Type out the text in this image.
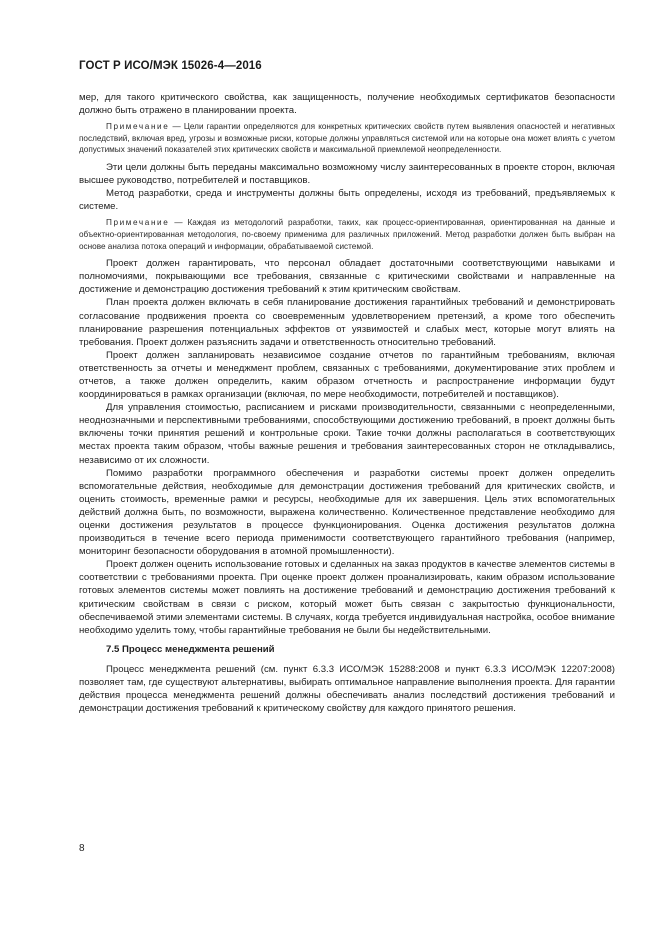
ГОСТ Р ИСО/МЭК 15026-4—2016

мер, для такого критического свойства, как защищенность, получение необходимых сертификатов безопасности должно быть отражено в планировании проекта.

Примечание — Цели гарантии определяются для конкретных критических свойств путем выявления опасностей и негативных последствий, включая вред, угрозы и возможные риски, которые должны управляться системой или на которые она может влиять с учетом допустимых значений показателей этих критических свойств и максимальной приемлемой неопределенности.

Эти цели должны быть переданы максимально возможному числу заинтересованных в проекте сторон, включая высшее руководство, потребителей и поставщиков.

Метод разработки, среда и инструменты должны быть определены, исходя из требований, предъявляемых к системе.

Примечание — Каждая из методологий разработки, таких, как процесс-ориентированная, ориентированная на данные и объектно-ориентированная методология, по-своему применима для различных приложений. Метод разработки должен быть выбран на основе анализа потока операций и информации, обрабатываемой системой.

Проект должен гарантировать, что персонал обладает достаточными соответствующими навыками и полномочиями, покрывающими все требования, связанные с критическими свойствами и направленные на достижение и демонстрацию достижения требований к этим критическим свойствам.

План проекта должен включать в себя планирование достижения гарантийных требований и демонстрировать согласование продвижения проекта со своевременным удовлетворением претензий, а кроме того обеспечить планирование разрешения потенциальных эффектов от уязвимостей и слабых мест, которые могут влиять на требования. Проект должен разъяснить задачи и ответственность относительно требований.

Проект должен запланировать независимое создание отчетов по гарантийным требованиям, включая ответственность за отчеты и менеджмент проблем, связанных с требованиями, документирование этих проблем и отчетов, а также должен определить, каким образом отчетность и распространение информации будут координироваться в рамках организации (включая, по мере необходимости, потребителей и поставщиков).

Для управления стоимостью, расписанием и рисками производительности, связанными с неопределенными, неоднозначными и перспективными требованиями, способствующими достижению требований, в проект должны быть включены точки принятия решений и контрольные сроки. Такие точки должны располагаться в соответствующих местах проекта таким образом, чтобы важные решения и требования заинтересованных сторон не откладывались, независимо от их сложности.

Помимо разработки программного обеспечения и разработки системы проект должен определить вспомогательные действия, необходимые для демонстрации достижения требований для критических свойств, и оценить стоимость, временные рамки и ресурсы, необходимые для их завершения. Цель этих вспомогательных действий должна быть, по возможности, выражена количественно. Количественное представление необходимо для оценки достижения результатов в процессе функционирования. Оценка достижения результатов должна производиться в течение всего периода применимости соответствующего гарантийного требования (например, мониторинг безопасности оборудования в атомной промышленности).

Проект должен оценить использование готовых и сделанных на заказ продуктов в качестве элементов системы в соответствии с требованиями проекта. При оценке проект должен проанализировать, каким образом использование готовых элементов системы может повлиять на достижение требований и демонстрацию достижения требований к критическим свойствам в связи с риском, который может быть связан с закрытостью функциональности, обеспечиваемой этими элементами системы. В случаях, когда требуется индивидуальная настройка, особое внимание необходимо уделить тому, чтобы гарантийные требования не были бы недействительными.

7.5 Процесс менеджмента решений

Процесс менеджмента решений (см. пункт 6.3.3 ИСО/МЭК 15288:2008 и пункт 6.3.3 ИСО/МЭК 12207:2008) позволяет там, где существуют альтернативы, выбирать оптимальное направление выполнения проекта. Для гарантии действия процесса менеджмента решений должны обеспечивать анализ последствий достижения требований и демонстрации достижения требований к критическому свойству для каждого принятого решения.

8
